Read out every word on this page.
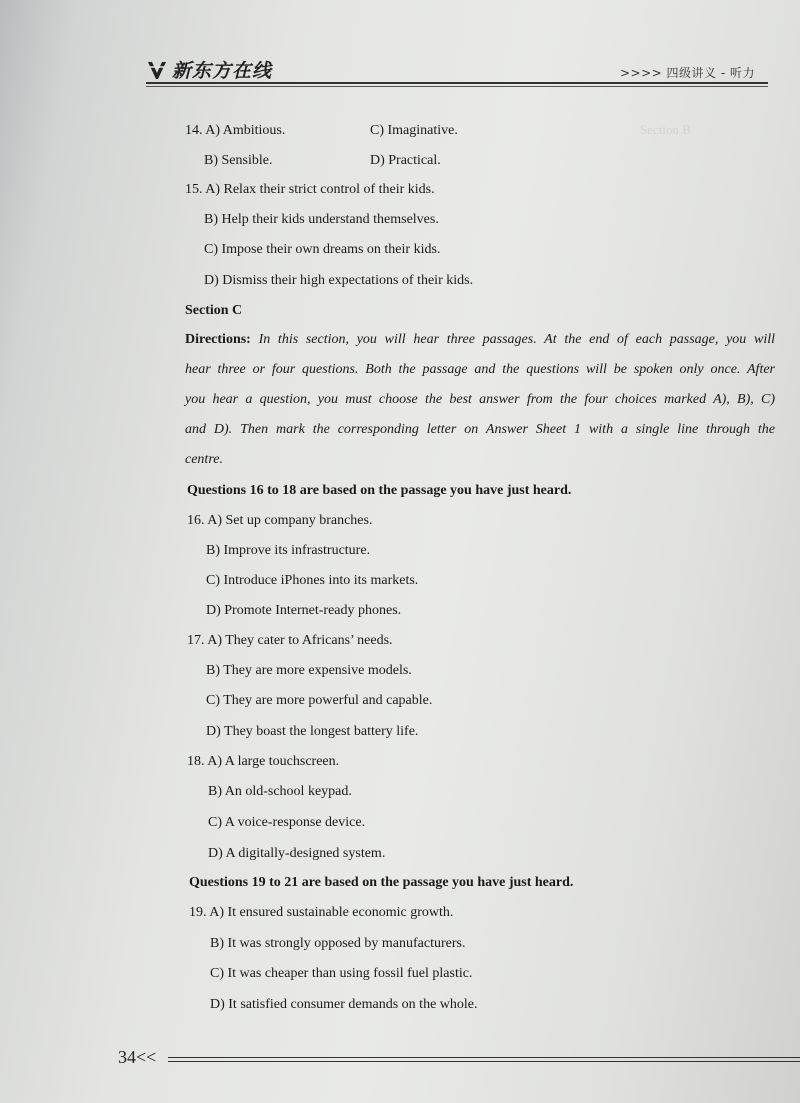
Section B
新东方在线	>>>> 四级讲义 - 听力
14. A) Ambitious.	C) Imaginative.
B) Sensible.	D) Practical.
15. A) Relax their strict control of their kids.
B) Help their kids understand themselves.
C) Impose their own dreams on their kids.
D) Dismiss their high expectations of their kids.
Section C
Directions: In this section, you will hear three passages. At the end of each passage, you will
hear three or four questions. Both the passage and the questions will be spoken only once. After
you hear a question, you must choose the best answer from the four choices marked A), B), C)
and D). Then mark the corresponding letter on Answer Sheet 1 with a single line through the
centre.
Questions 16 to 18 are based on the passage you have just heard.
16. A) Set up company branches.
B) Improve its infrastructure.
C) Introduce iPhones into its markets.
D) Promote Internet-ready phones.
17. A) They cater to Africans’ needs.
B) They are more expensive models.
C) They are more powerful and capable.
D) They boast the longest battery life.
18. A) A large touchscreen.
B) An old-school keypad.
C) A voice-response device.
D) A digitally-designed system.
Questions 19 to 21 are based on the passage you have just heard.
19. A) It ensured sustainable economic growth.
B) It was strongly opposed by manufacturers.
C) It was cheaper than using fossil fuel plastic.
D) It satisfied consumer demands on the whole.
34<<
